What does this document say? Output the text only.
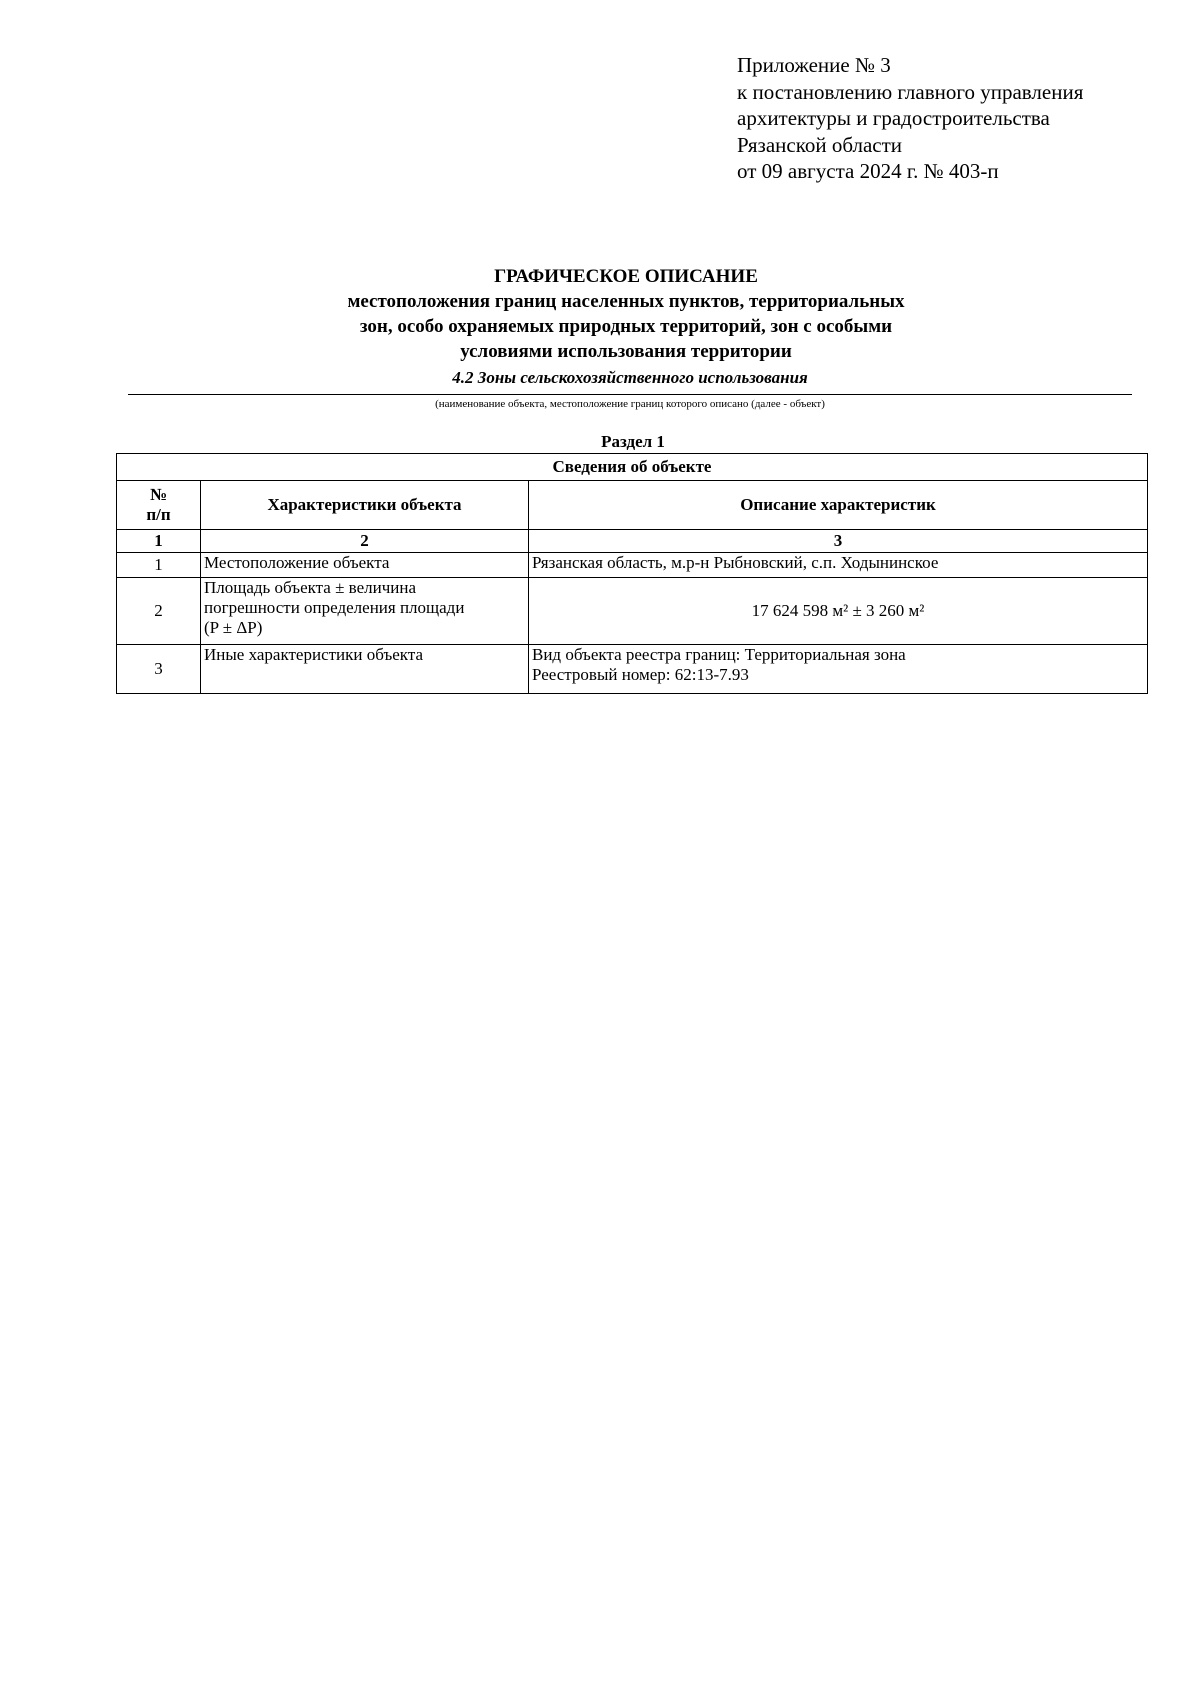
Приложение № 3
к постановлению главного управления
архитектуры и градостроительства
Рязанской области
от 09 августа 2024 г. № 403-п
ГРАФИЧЕСКОЕ ОПИСАНИЕ
местоположения границ населенных пунктов, территориальных
зон, особо охраняемых природных территорий, зон с особыми
условиями использования территории
4.2 Зоны сельскохозяйственного использования
(наименование объекта, местоположение границ которого описано (далее - объект)
Раздел 1
Сведения об объекте		

№
п/п	Характеристики объекта	Описание характеристик
1	2	3
1	Местоположение объекта	Рязанская область, м.р-н Рыбновский, с.п. Ходынинское
2	Площадь объекта ± величина
погрешности определения площади
(P ± ΔP)	17 624 598 м² ± 3 260 м²
3	Иные характеристики объекта	Вид объекта реестра границ: Территориальная зона
Реестровый номер: 62:13-7.93
